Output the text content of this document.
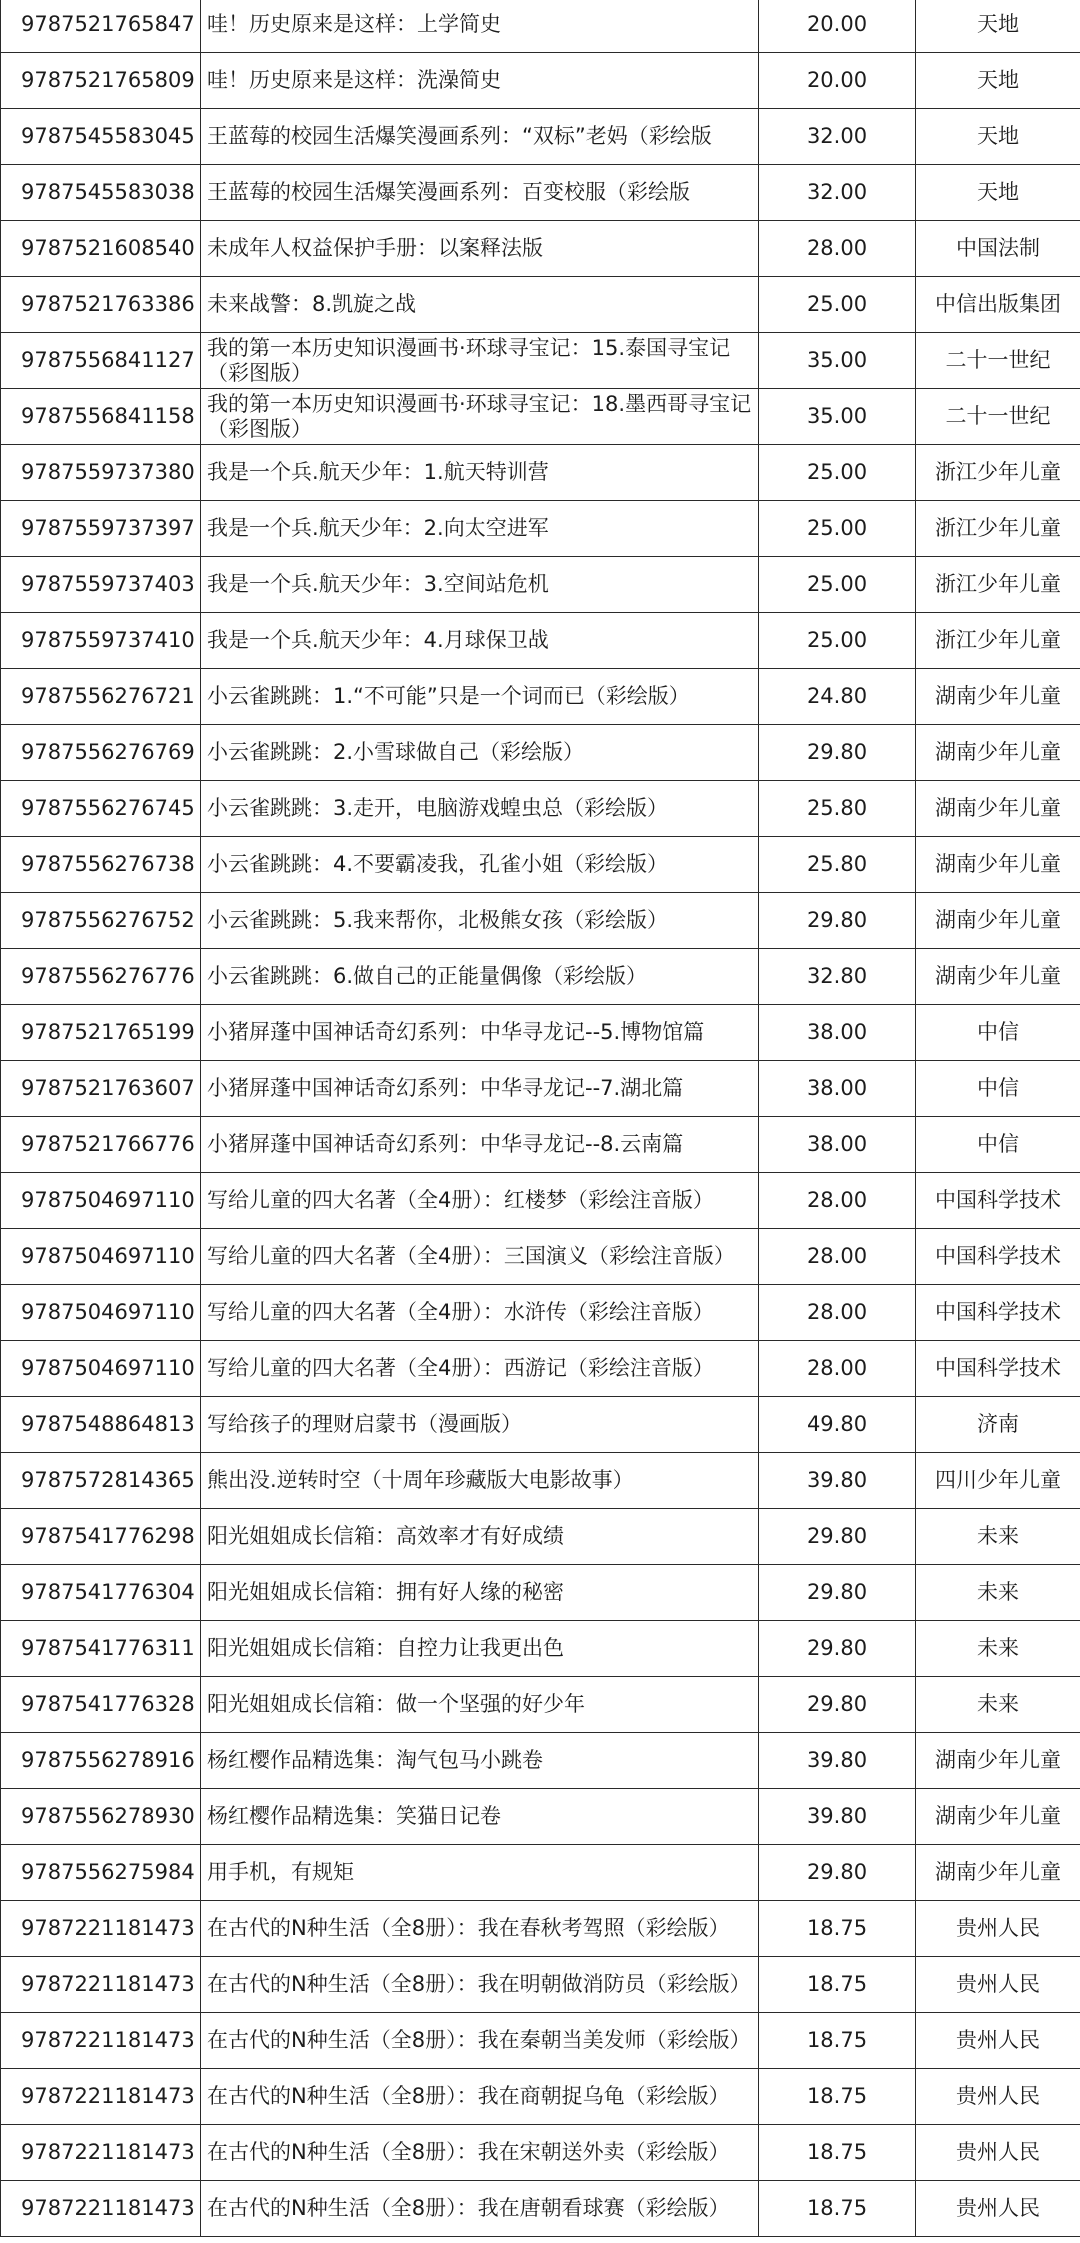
9787521765847	哇！历史原来是这样：上学简史	20.00	天地
9787521765809	哇！历史原来是这样：洗澡简史	20.00	天地
9787545583045	王蓝莓的校园生活爆笑漫画系列：“双标”老妈（彩绘版	32.00	天地
9787545583038	王蓝莓的校园生活爆笑漫画系列：百变校服（彩绘版	32.00	天地
9787521608540	未成年人权益保护手册：以案释法版	28.00	中国法制
9787521763386	未来战警：8.凯旋之战	25.00	中信出版集团
9787556841127	我的第一本历史知识漫画书·环球寻宝记：15.泰国寻宝记（彩图版）	35.00	二十一世纪
9787556841158	我的第一本历史知识漫画书·环球寻宝记：18.墨西哥寻宝记 （彩图版）	35.00	二十一世纪
9787559737380	我是一个兵.航天少年：1.航天特训营	25.00	浙江少年儿童
9787559737397	我是一个兵.航天少年：2.向太空进军	25.00	浙江少年儿童
9787559737403	我是一个兵.航天少年：3.空间站危机	25.00	浙江少年儿童
9787559737410	我是一个兵.航天少年：4.月球保卫战	25.00	浙江少年儿童
9787556276721	小云雀跳跳：1.“不可能”只是一个词而已（彩绘版）	24.80	湖南少年儿童
9787556276769	小云雀跳跳：2.小雪球做自己（彩绘版）	29.80	湖南少年儿童
9787556276745	小云雀跳跳：3.走开，电脑游戏蝗虫总（彩绘版）	25.80	湖南少年儿童
9787556276738	小云雀跳跳：4.不要霸凌我，孔雀小姐（彩绘版）	25.80	湖南少年儿童
9787556276752	小云雀跳跳：5.我来帮你，北极熊女孩（彩绘版）	29.80	湖南少年儿童
9787556276776	小云雀跳跳：6.做自己的正能量偶像（彩绘版）	32.80	湖南少年儿童
9787521765199	小猪屏蓬中国神话奇幻系列：中华寻龙记--5.博物馆篇	38.00	中信
9787521763607	小猪屏蓬中国神话奇幻系列：中华寻龙记--7.湖北篇	38.00	中信
9787521766776	小猪屏蓬中国神话奇幻系列：中华寻龙记--8.云南篇	38.00	中信
9787504697110	写给儿童的四大名著（全4册）：红楼梦（彩绘注音版）	28.00	中国科学技术
9787504697110	写给儿童的四大名著（全4册）：三国演义（彩绘注音版）	28.00	中国科学技术
9787504697110	写给儿童的四大名著（全4册）：水浒传（彩绘注音版）	28.00	中国科学技术
9787504697110	写给儿童的四大名著（全4册）：西游记（彩绘注音版）	28.00	中国科学技术
9787548864813	写给孩子的理财启蒙书（漫画版）	49.80	济南
9787572814365	熊出没.逆转时空（十周年珍藏版大电影故事）	39.80	四川少年儿童
9787541776298	阳光姐姐成长信箱：高效率才有好成绩	29.80	未来
9787541776304	阳光姐姐成长信箱：拥有好人缘的秘密	29.80	未来
9787541776311	阳光姐姐成长信箱：自控力让我更出色	29.80	未来
9787541776328	阳光姐姐成长信箱：做一个坚强的好少年	29.80	未来
9787556278916	杨红樱作品精选集：淘气包马小跳卷	39.80	湖南少年儿童
9787556278930	杨红樱作品精选集：笑猫日记卷	39.80	湖南少年儿童
9787556275984	用手机，有规矩	29.80	湖南少年儿童
9787221181473	在古代的N种生活（全8册）：我在春秋考驾照（彩绘版）	18.75	贵州人民
9787221181473	在古代的N种生活（全8册）：我在明朝做消防员（彩绘版）	18.75	贵州人民
9787221181473	在古代的N种生活（全8册）：我在秦朝当美发师（彩绘版）	18.75	贵州人民
9787221181473	在古代的N种生活（全8册）：我在商朝捉乌龟（彩绘版）	18.75	贵州人民
9787221181473	在古代的N种生活（全8册）：我在宋朝送外卖（彩绘版）	18.75	贵州人民
9787221181473	在古代的N种生活（全8册）：我在唐朝看球赛（彩绘版）	18.75	贵州人民
